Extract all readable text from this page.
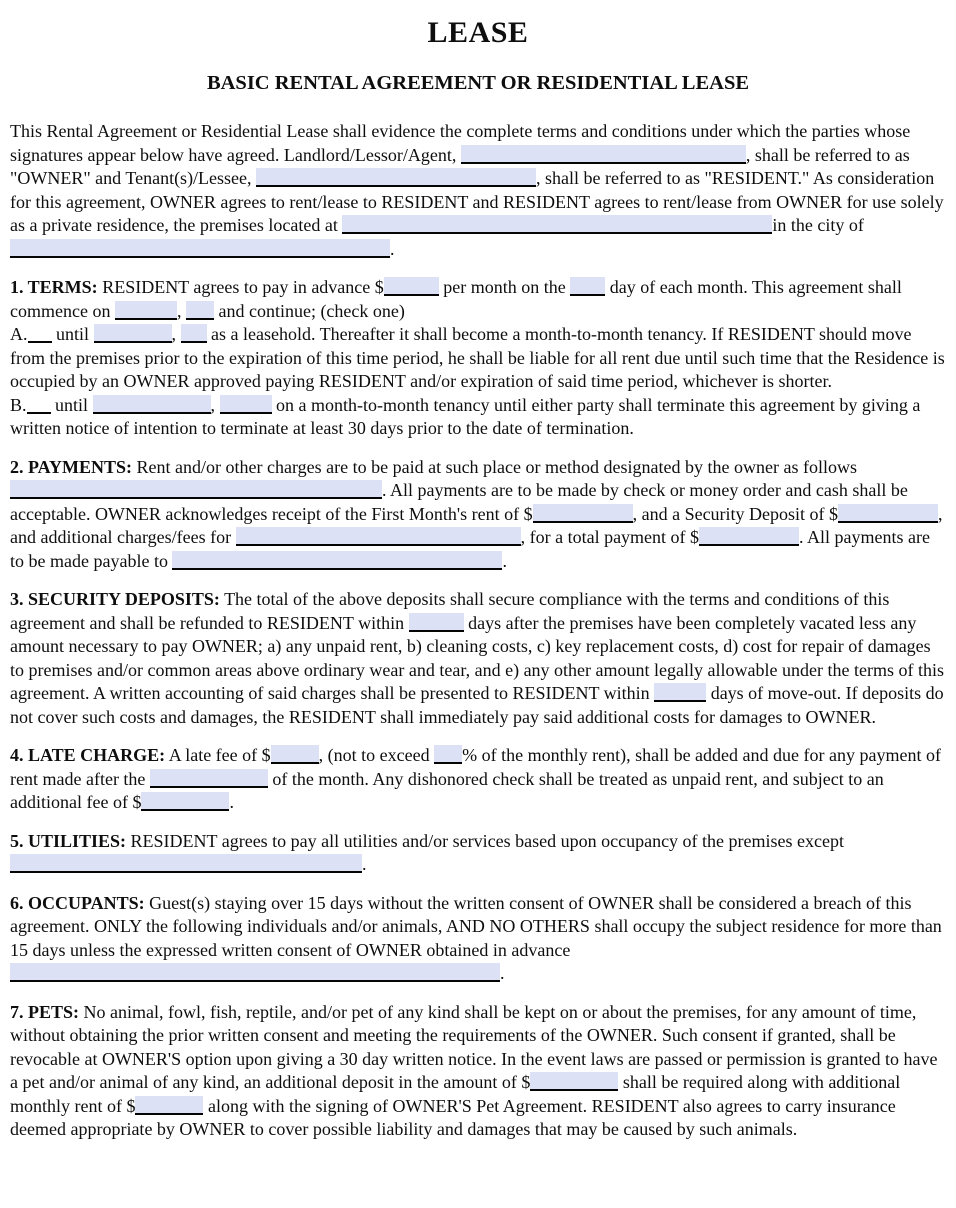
LEASE
BASIC RENTAL AGREEMENT OR RESIDENTIAL LEASE

This Rental Agreement or Residential Lease shall evidence the complete terms and conditions under which the parties whose signatures appear below have agreed. Landlord/Lessor/Agent,	, shall be referred to as "OWNER" and Tenant(s)/Lessee,	, shall be referred to as "RESIDENT." As consideration for this agreement, OWNER agrees to rent/lease to RESIDENT and RESIDENT agrees to rent/lease from OWNER for use solely as a private residence, the premises located at	in the city of .

1. TERMS: RESIDENT agrees to pay in advance $	per month on the  day of each month. This agreement shall commence on	,  and continue; (check one)
A. until	,  as a leasehold. Thereafter it shall become a month-to-month tenancy. If RESIDENT should move from the premises prior to the expiration of this time period, he shall be liable for all rent due until such time that the Residence is occupied by an OWNER approved paying RESIDENT and/or expiration of said time period, whichever is shorter.
B. until	,	on a month-to-month tenancy until either party shall terminate this agreement by giving a written notice of intention to terminate at least 30 days prior to the date of termination.

2. PAYMENTS: Rent and/or other charges are to be paid at such place or method designated by the owner as follows . All payments are to be made by check or money order and cash shall be acceptable. OWNER acknowledges receipt of the First Month's rent of $	, and a Security Deposit of $	, and additional charges/fees for	, for a total payment of $	. All payments are to be made payable to	.

3. SECURITY DEPOSITS: The total of the above deposits shall secure compliance with the terms and conditions of this agreement and shall be refunded to RESIDENT within	days after the premises have been completely vacated less any amount necessary to pay OWNER; a) any unpaid rent, b) cleaning costs, c) key replacement costs, d) cost for repair of damages to premises and/or common areas above ordinary wear and tear, and e) any other amount legally allowable under the terms of this agreement. A written accounting of said charges shall be presented to RESIDENT within	days of move-out. If deposits do not cover such costs and damages, the RESIDENT shall immediately pay said additional costs for damages to OWNER.

4. LATE CHARGE: A late fee of $	, (not to exceed % of the monthly rent), shall be added and due for any payment of rent made after the	of the month. Any dishonored check shall be treated as unpaid rent, and subject to an additional fee of $	.

5. UTILITIES: RESIDENT agrees to pay all utilities and/or services based upon occupancy of the premises except .

6. OCCUPANTS: Guest(s) staying over 15 days without the written consent of OWNER shall be considered a breach of this agreement. ONLY the following individuals and/or animals, AND NO OTHERS shall occupy the subject residence for more than 15 days unless the expressed written consent of OWNER obtained in advance .

7. PETS: No animal, fowl, fish, reptile, and/or pet of any kind shall be kept on or about the premises, for any amount of time, without obtaining the prior written consent and meeting the requirements of the OWNER. Such consent if granted, shall be revocable at OWNER'S option upon giving a 30 day written notice. In the event laws are passed or permission is granted to have a pet and/or animal of any kind, an additional deposit in the amount of $	shall be required along with additional monthly rent of $	along with the signing of OWNER'S Pet Agreement. RESIDENT also agrees to carry insurance deemed appropriate by OWNER to cover possible liability and damages that may be caused by such animals.
